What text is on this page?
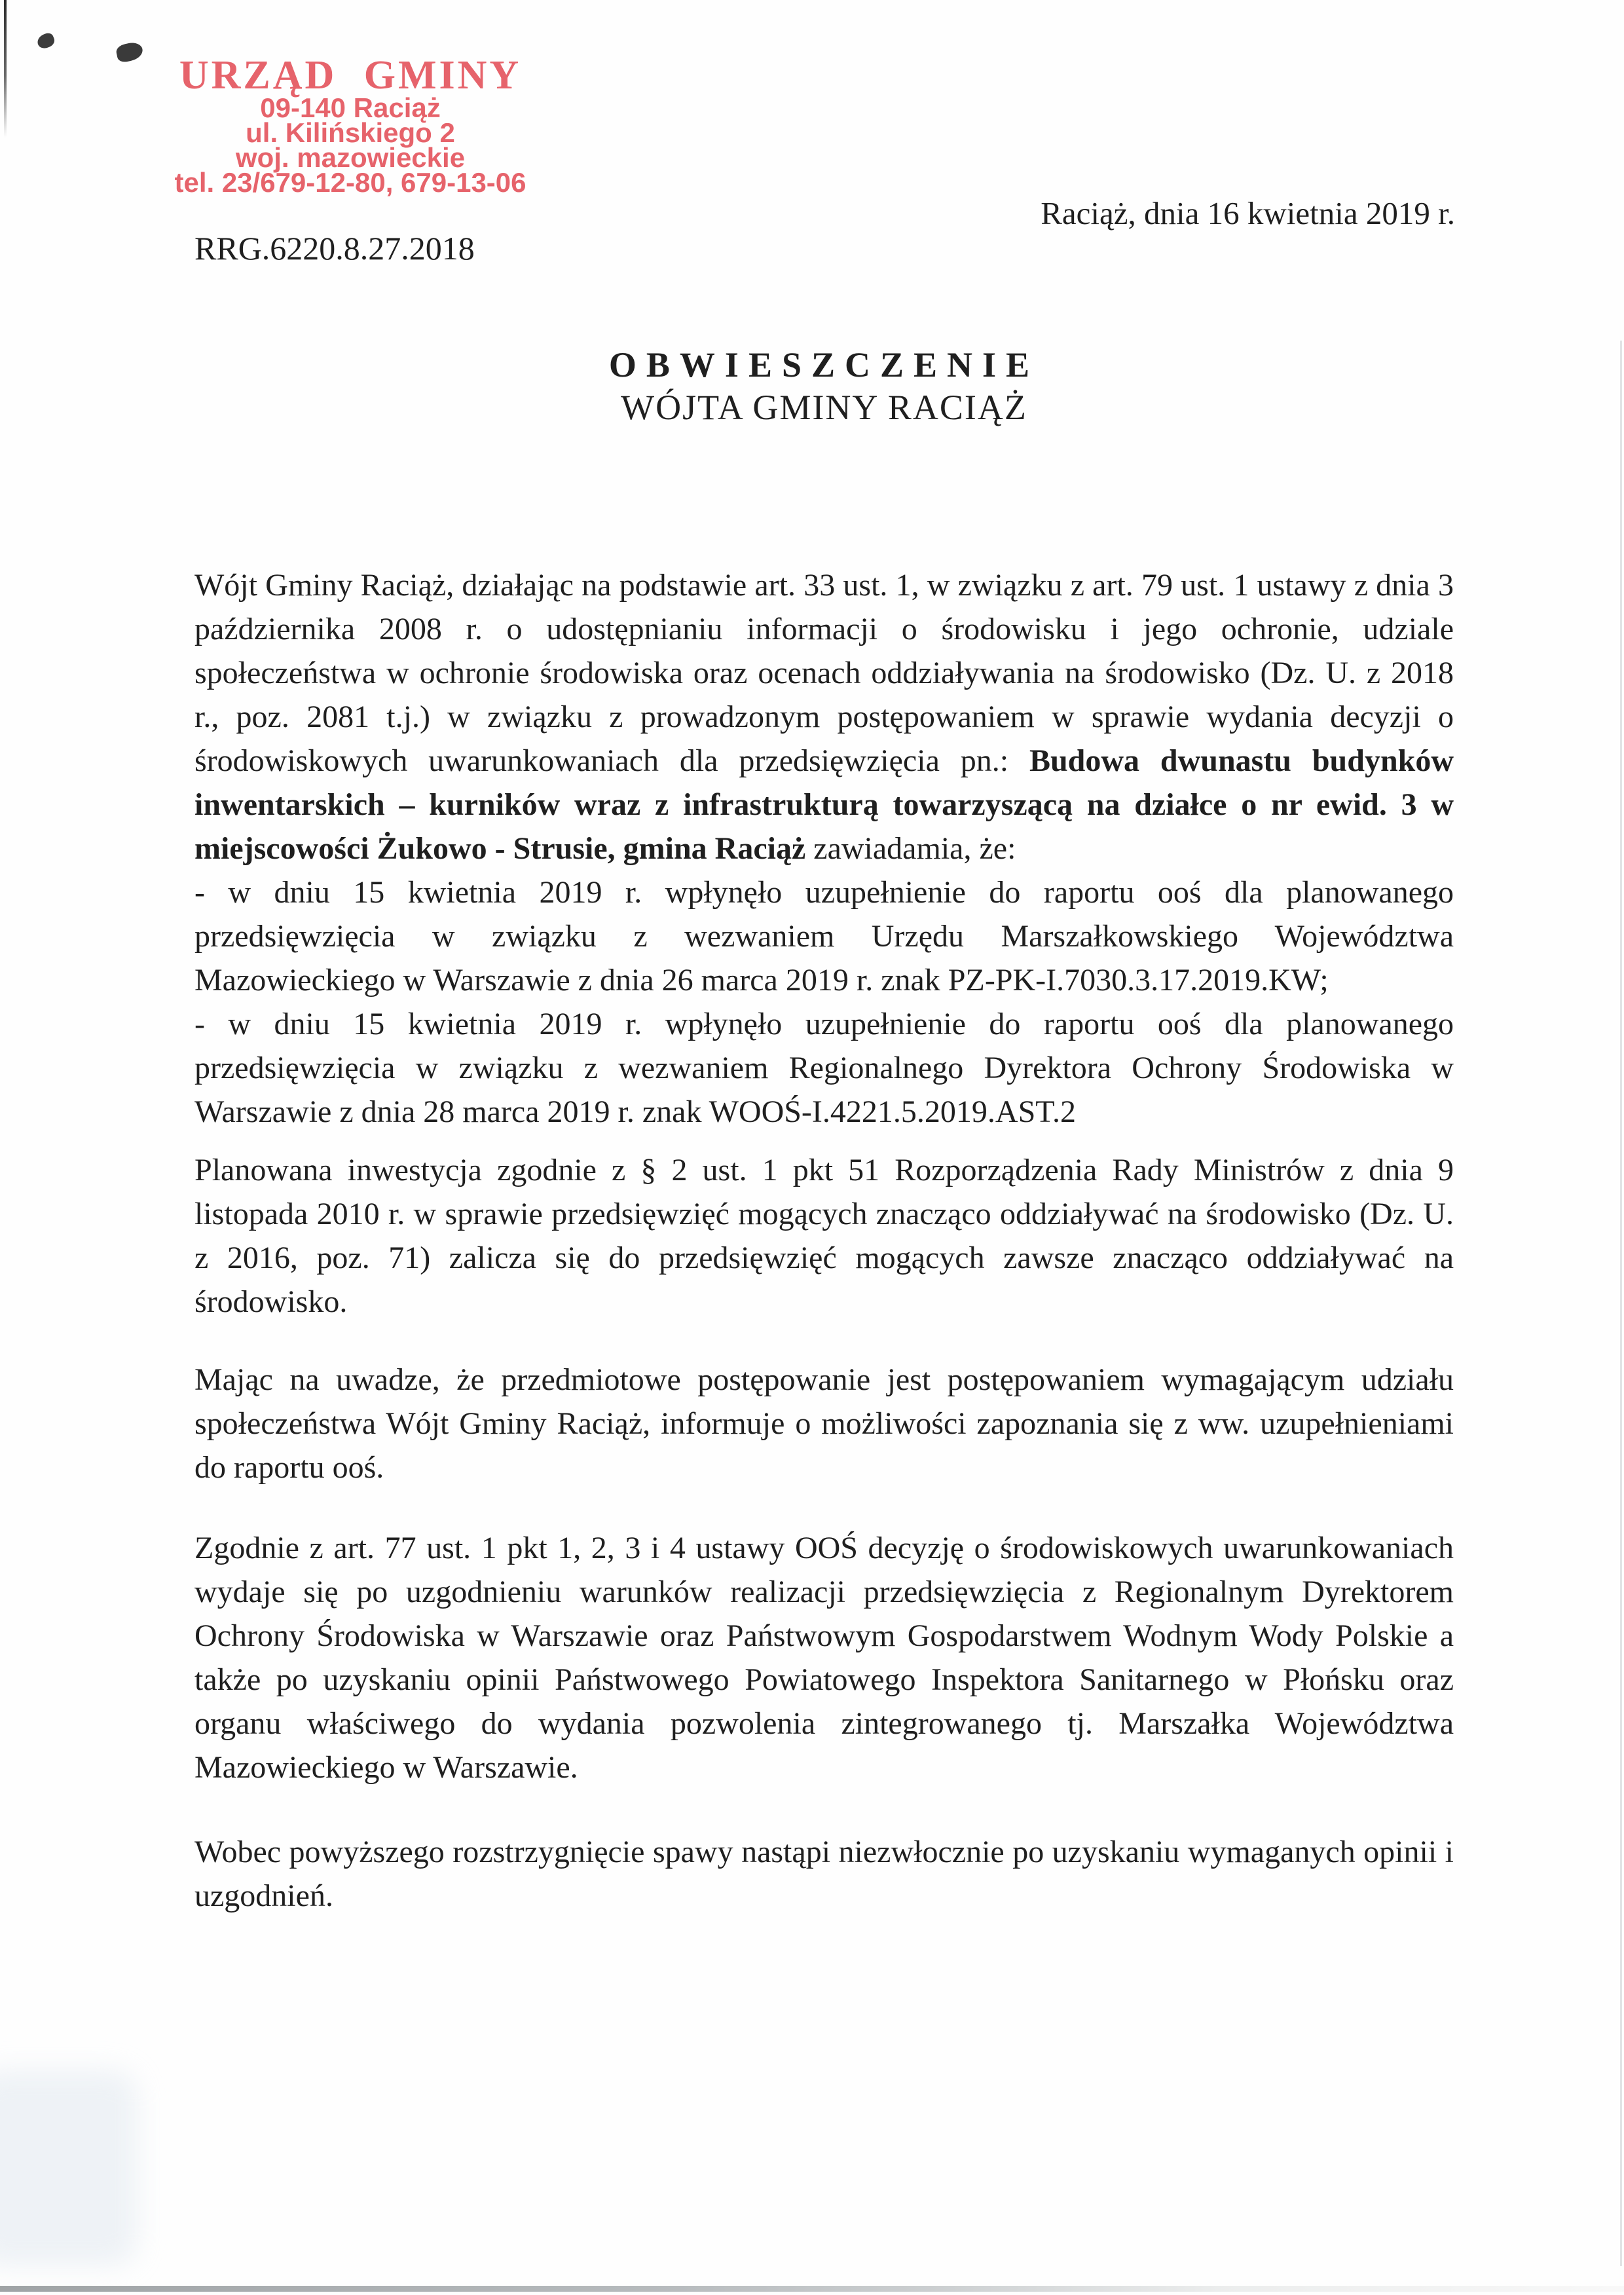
URZĄD GMINY
09-140 Raciąż
ul. Kilińskiego 2
woj. mazowieckie
tel. 23/679-12-80, 679-13-06
Raciąż, dnia 16 kwietnia 2019 r.
RRG.6220.8.27.2018
OBWIESZCZENIE
WÓJTA GMINY RACIĄŻ

Wójt Gminy Raciąż, działając na podstawie art. 33 ust. 1, w związku z art. 79 ust. 1 ustawy z dnia 3 października 2008 r. o udostępnianiu informacji o środowisku i jego ochronie, udziale społeczeństwa w ochronie środowiska oraz ocenach oddziaływania na środowisko (Dz. U. z 2018 r., poz. 2081 t.j.) w związku z prowadzonym postępowaniem w sprawie wydania decyzji o środowiskowych uwarunkowaniach dla przedsięwzięcia pn.: Budowa dwunastu budynków inwentarskich – kurników wraz z infrastrukturą towarzyszącą na działce o nr ewid. 3 w miejscowości Żukowo - Strusie, gmina Raciąż zawiadamia, że:

- w dniu 15 kwietnia 2019 r. wpłynęło uzupełnienie do raportu ooś dla planowanego przedsięwzięcia w związku z wezwaniem Urzędu Marszałkowskiego Województwa Mazowieckiego w Warszawie z dnia 26 marca 2019 r. znak PZ-PK-I.7030.3.17.2019.KW;

- w dniu 15 kwietnia 2019 r. wpłynęło uzupełnienie do raportu ooś dla planowanego przedsięwzięcia w związku z wezwaniem Regionalnego Dyrektora Ochrony Środowiska w Warszawie z dnia 28 marca 2019 r. znak WOOŚ-I.4221.5.2019.AST.2

Planowana inwestycja zgodnie z § 2 ust. 1 pkt 51 Rozporządzenia Rady Ministrów z dnia 9 listopada 2010 r. w sprawie przedsięwzięć mogących znacząco oddziaływać na środowisko (Dz. U. z 2016, poz. 71) zalicza się do przedsięwzięć mogących zawsze znacząco oddziaływać na środowisko.

Mając na uwadze, że przedmiotowe postępowanie jest postępowaniem wymagającym udziału społeczeństwa Wójt Gminy Raciąż, informuje o możliwości zapoznania się z ww. uzupełnieniami do raportu ooś.

Zgodnie z art. 77 ust. 1 pkt 1, 2, 3 i 4 ustawy OOŚ decyzję o środowiskowych uwarunkowaniach wydaje się po uzgodnieniu warunków realizacji przedsięwzięcia z Regionalnym Dyrektorem Ochrony Środowiska w Warszawie oraz Państwowym Gospodarstwem Wodnym Wody Polskie a także po uzyskaniu opinii Państwowego Powiatowego Inspektora Sanitarnego w Płońsku oraz organu właściwego do wydania pozwolenia zintegrowanego tj. Marszałka Województwa Mazowieckiego w Warszawie.

Wobec powyższego rozstrzygnięcie spawy nastąpi niezwłocznie po uzyskaniu wymaganych opinii i uzgodnień.
